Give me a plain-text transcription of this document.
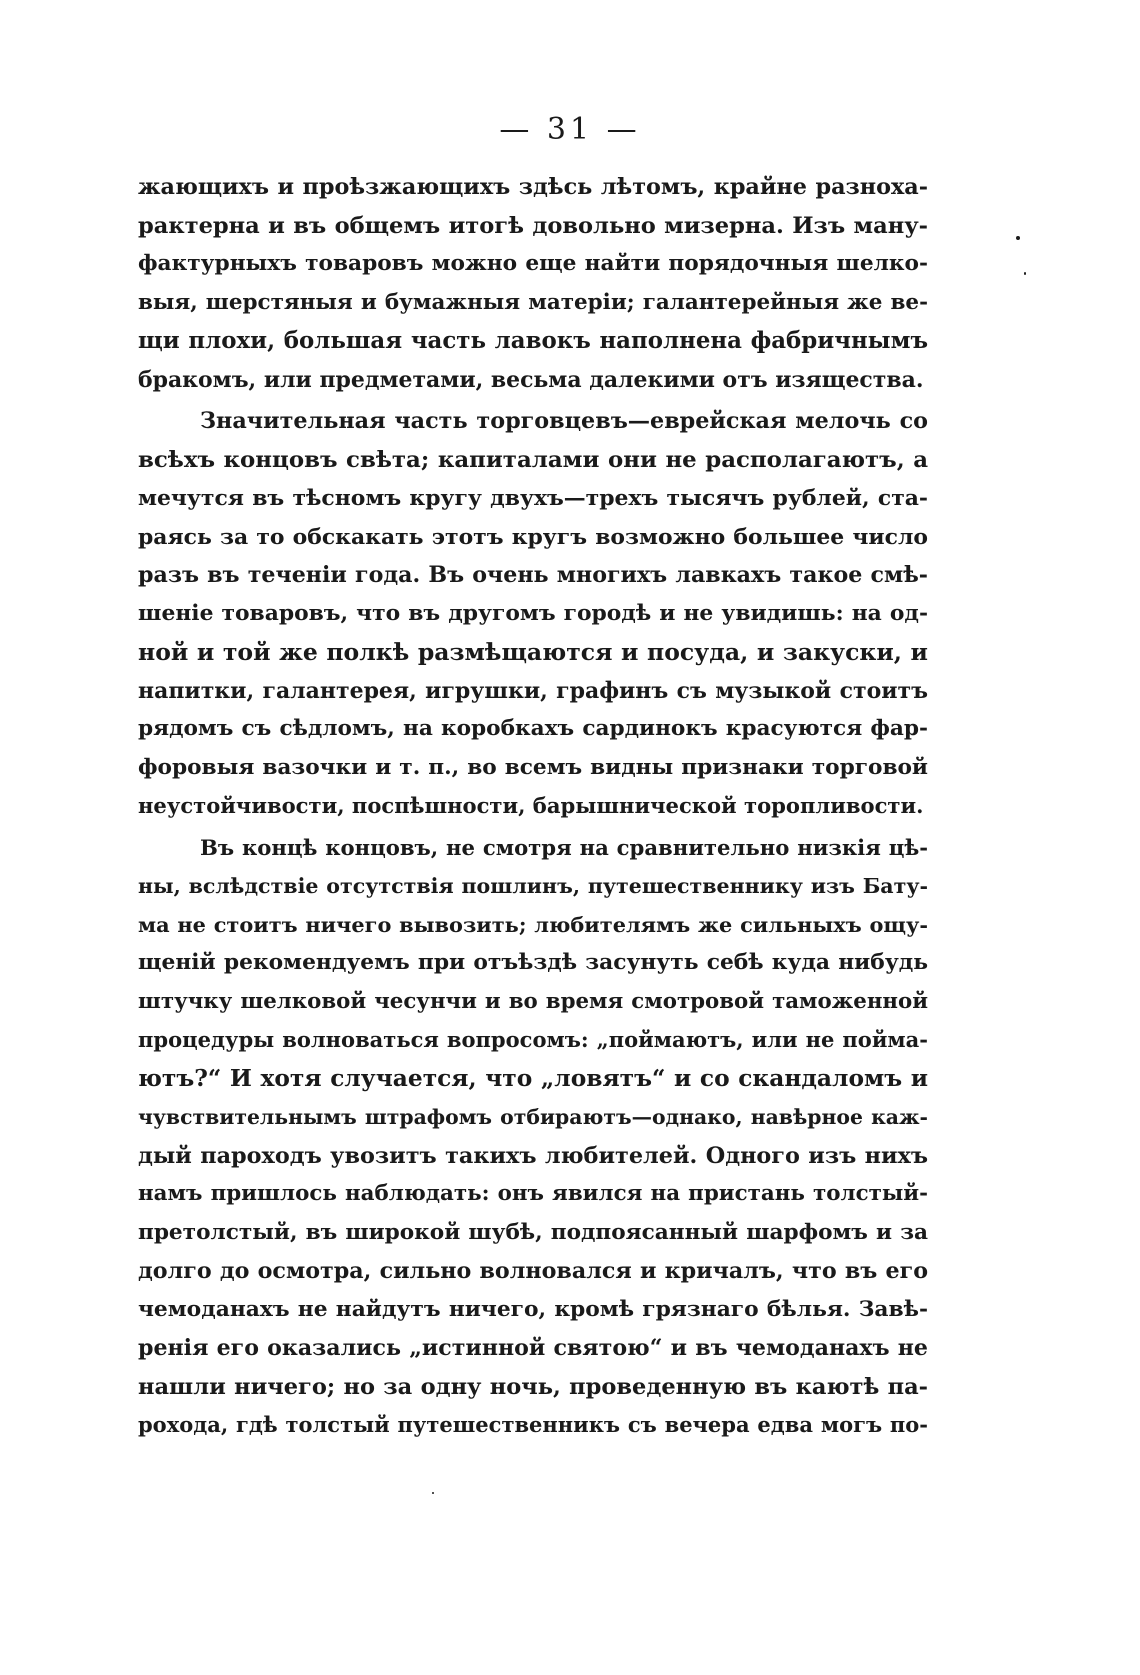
— 31 —
жающихъ и проѣзжающихъ здѣсь лѣтомъ, крайне разноха-
рактерна и въ общемъ итогѣ довольно мизерна. Изъ ману-
фактурныхъ товаровъ можно еще найти порядочныя шелко-
выя, шерстяныя и бумажныя матеріи; галантерейныя же ве-
щи плохи, большая часть лавокъ наполнена фабричнымъ
бракомъ, или предметами, весьма далекими отъ изящества.
Значительная часть торговцевъ—еврейская мелочь со
всѣхъ концовъ свѣта; капиталами они не располагаютъ, а
мечутся въ тѣсномъ кругу двухъ—трехъ тысячъ рублей, ста-
раясь за то обскакать этотъ кругъ возможно большее число
разъ въ теченіи года. Въ очень многихъ лавкахъ такое смѣ-
шеніе товаровъ, что въ другомъ городѣ и не увидишь: на од-
ной и той же полкѣ размѣщаются и посуда, и закуски, и
напитки, галантерея, игрушки, графинъ съ музыкой стоитъ
рядомъ съ сѣдломъ, на коробкахъ сардинокъ красуются фар-
форовыя вазочки и т. п., во всемъ видны признаки торговой
неустойчивости, поспѣшности, барышнической торопливости.
Въ концѣ концовъ, не смотря на сравнительно низкія цѣ-
ны, вслѣдствіе отсутствія пошлинъ, путешественнику изъ Бату-
ма не стоитъ ничего вывозить; любителямъ же сильныхъ ощу-
щеній рекомендуемъ при отъѣздѣ засунуть себѣ куда нибудь
штучку шелковой чесунчи и во время смотровой таможенной
процедуры волноваться вопросомъ: „поймаютъ, или не поймa-
ютъ?“ И хотя случается, что „ловятъ“ и со скандаломъ и
чувствительнымъ штрафомъ отбираютъ—однако, навѣрное каж-
дый пароходъ увозитъ такихъ любителей. Одного изъ нихъ
намъ пришлось наблюдать: онъ явился на пристань толстый-
претолстый, въ широкой шубѣ, подпоясанный шарфомъ и за
долго до осмотра, сильно волновался и кричалъ, что въ его
чемоданахъ не найдутъ ничего, кромѣ грязнаго бѣлья. Завѣ-
ренія его оказались „истинной святою“ и въ чемоданахъ не
нашли ничего; но за одну ночь, проведенную въ каютѣ па-
рохода, гдѣ толстый путешественникъ съ вечера едва могъ по-
